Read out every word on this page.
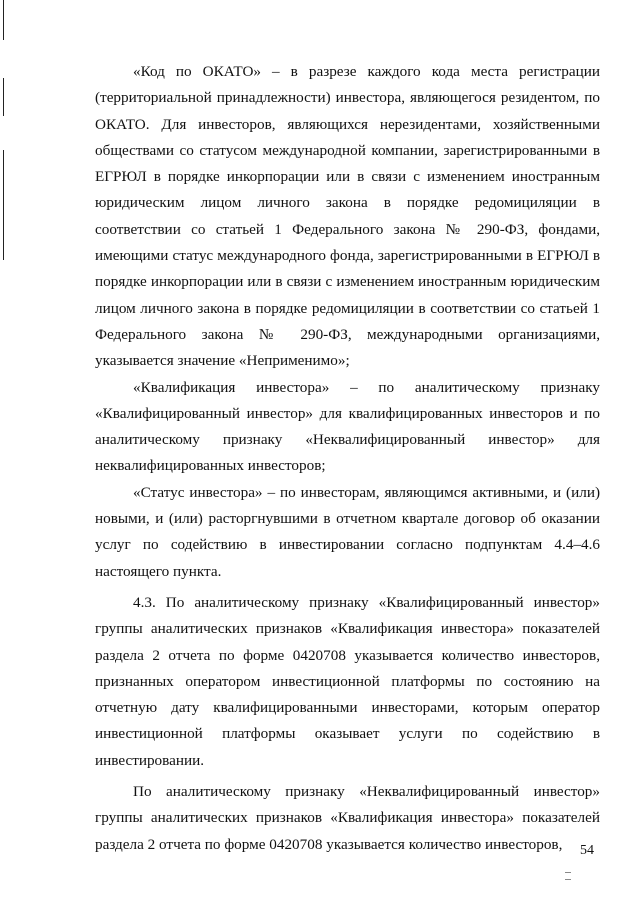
«Код по ОКАТО» – в разрезе каждого кода места регистрации (территориальной принадлежности) инвестора, являющегося резидентом, по ОКАТО. Для инвесторов, являющихся нерезидентами, хозяйственными обществами со статусом международной компании, зарегистрированными в ЕГРЮЛ в порядке инкорпорации или в связи с изменением иностранным юридическим лицом личного закона в порядке редомициляции в соответствии со статьей 1 Федерального закона № 290-ФЗ, фондами, имеющими статус международного фонда, зарегистрированными в ЕГРЮЛ в порядке инкорпорации или в связи с изменением иностранным юридическим лицом личного закона в порядке редомициляции в соответствии со статьей 1 Федерального закона № 290-ФЗ, международными организациями, указывается значение «Неприменимо»;

«Квалификация инвестора» – по аналитическому признаку «Квалифицированный инвестор» для квалифицированных инвесторов и по аналитическому признаку «Неквалифицированный инвестор» для неквалифицированных инвесторов;

«Статус инвестора» – по инвесторам, являющимся активными, и (или) новыми, и (или) расторгнувшими в отчетном квартале договор об оказании услуг по содействию в инвестировании согласно подпунктам 4.4–4.6 настоящего пункта.

4.3. По аналитическому признаку «Квалифицированный инвестор» группы аналитических признаков «Квалификация инвестора» показателей раздела 2 отчета по форме 0420708 указывается количество инвесторов, признанных оператором инвестиционной платформы по состоянию на отчетную дату квалифицированными инвесторами, которым оператор инвестиционной платформы оказывает услуги по содействию в инвестировании.

По аналитическому признаку «Неквалифицированный инвестор» группы аналитических признаков «Квалификация инвестора» показателей раздела 2 отчета по форме 0420708 указывается количество инвесторов,	54
